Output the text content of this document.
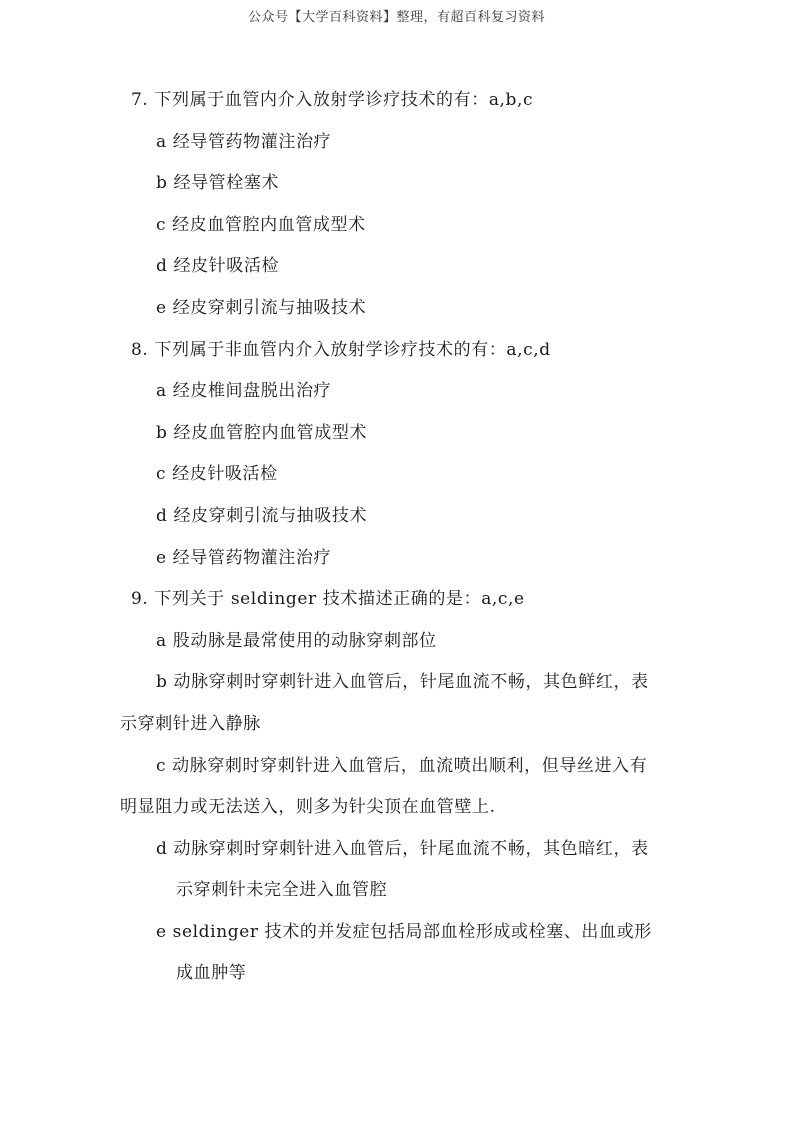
公众号【大学百科资料】整理，有超百科复习资料
7. 下列属于血管内介入放射学诊疗技术的有：a,b,c
a 经导管药物灌注治疗
b 经导管栓塞术
c 经皮血管腔内血管成型术
d 经皮针吸活检
e 经皮穿刺引流与抽吸技术
8. 下列属于非血管内介入放射学诊疗技术的有：a,c,d
a 经皮椎间盘脱出治疗
b 经皮血管腔内血管成型术
c 经皮针吸活检
d 经皮穿刺引流与抽吸技术
e 经导管药物灌注治疗
9. 下列关于 seldinger 技术描述正确的是：a,c,e
a 股动脉是最常使用的动脉穿刺部位
b 动脉穿刺时穿刺针进入血管后，针尾血流不畅，其色鲜红，表
示穿刺针进入静脉
c 动脉穿刺时穿刺针进入血管后，血流喷出顺利，但导丝进入有
明显阻力或无法送入，则多为针尖顶在血管壁上.
d 动脉穿刺时穿刺针进入血管后，针尾血流不畅，其色暗红，表
示穿刺针未完全进入血管腔
e seldinger 技术的并发症包括局部血栓形成或栓塞、出血或形
成血肿等
